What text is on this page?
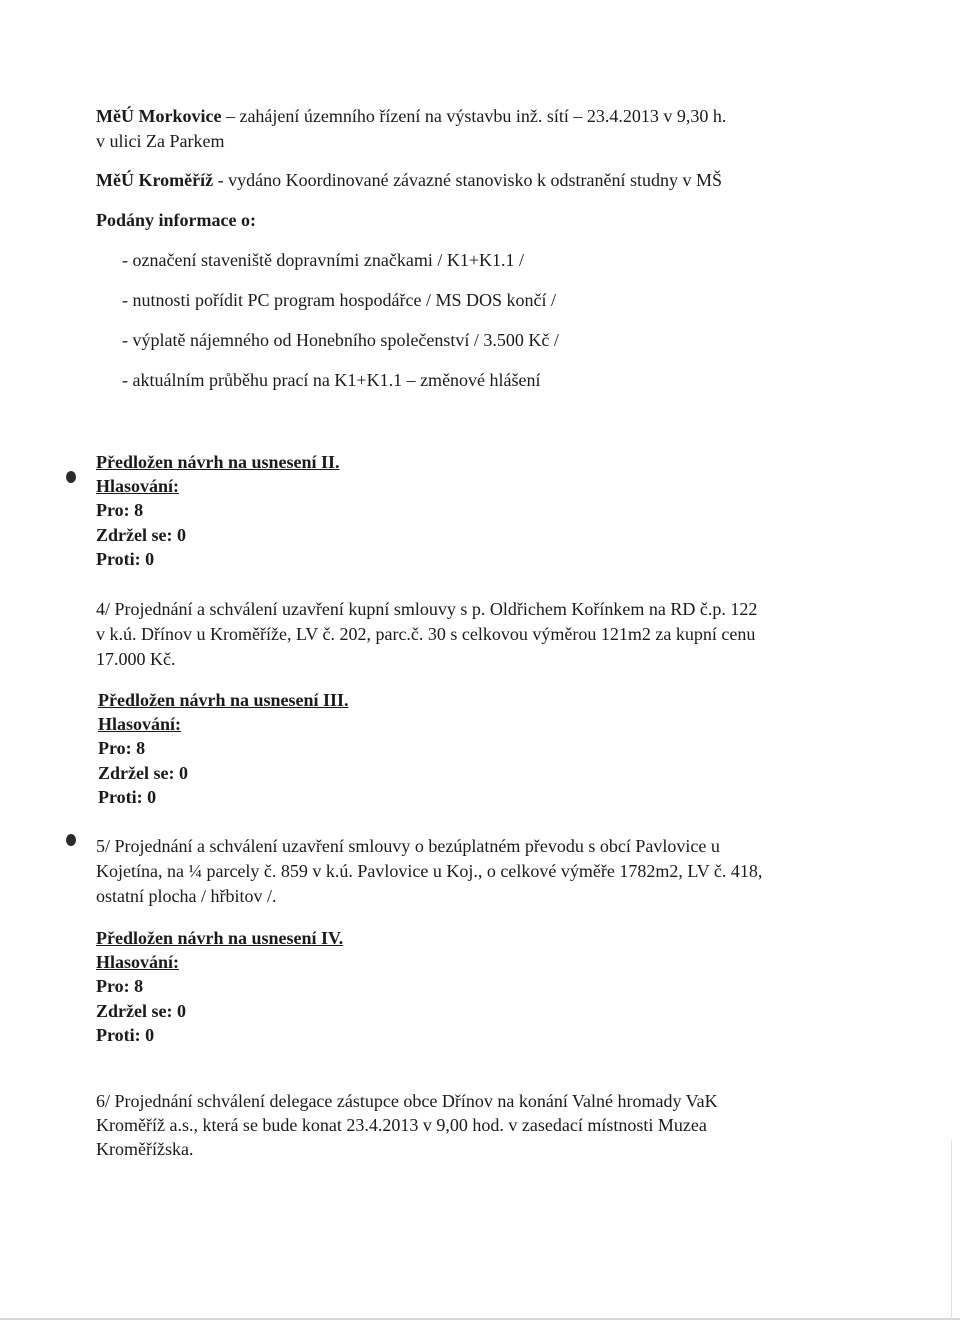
MěÚ Morkovice – zahájení územního řízení na výstavbu inž. sítí – 23.4.2013 v 9,30 h.
v ulici Za Parkem
MěÚ Kroměříž - vydáno Koordinované závazné stanovisko k odstranění studny v MŠ
Podány informace o:
- označení staveniště dopravními značkami / K1+K1.1 /
- nutnosti pořídit PC program hospodářce / MS DOS končí /
- výplatě nájemného od Honebního společenství / 3.500 Kč /
- aktuálním průběhu prací na K1+K1.1 – změnové hlášení
Předložen návrh na usnesení II.
Hlasování:
Pro: 8
Zdržel se: 0
Proti: 0
4/ Projednání a schválení uzavření kupní smlouvy s p. Oldřichem Kořínkem na RD č.p. 122
v k.ú. Dřínov u Kroměříže, LV č. 202, parc.č. 30 s celkovou výměrou 121m2 za kupní cenu
17.000 Kč.
Předložen návrh na usnesení III.
Hlasování:
Pro: 8
Zdržel se: 0
Proti: 0
5/ Projednání a schválení uzavření smlouvy o bezúplatném převodu s obcí Pavlovice u
Kojetína, na ¼ parcely č. 859 v k.ú. Pavlovice u Koj., o celkové výměře 1782m2, LV č. 418,
ostatní plocha / hřbitov /.
Předložen návrh na usnesení IV.
Hlasování:
Pro: 8
Zdržel se: 0
Proti: 0
6/ Projednání schválení delegace zástupce obce Dřínov na konání Valné hromady VaK
Kroměříž a.s., která se bude konat 23.4.2013 v 9,00 hod. v zasedací místnosti Muzea
Kroměřížska.
